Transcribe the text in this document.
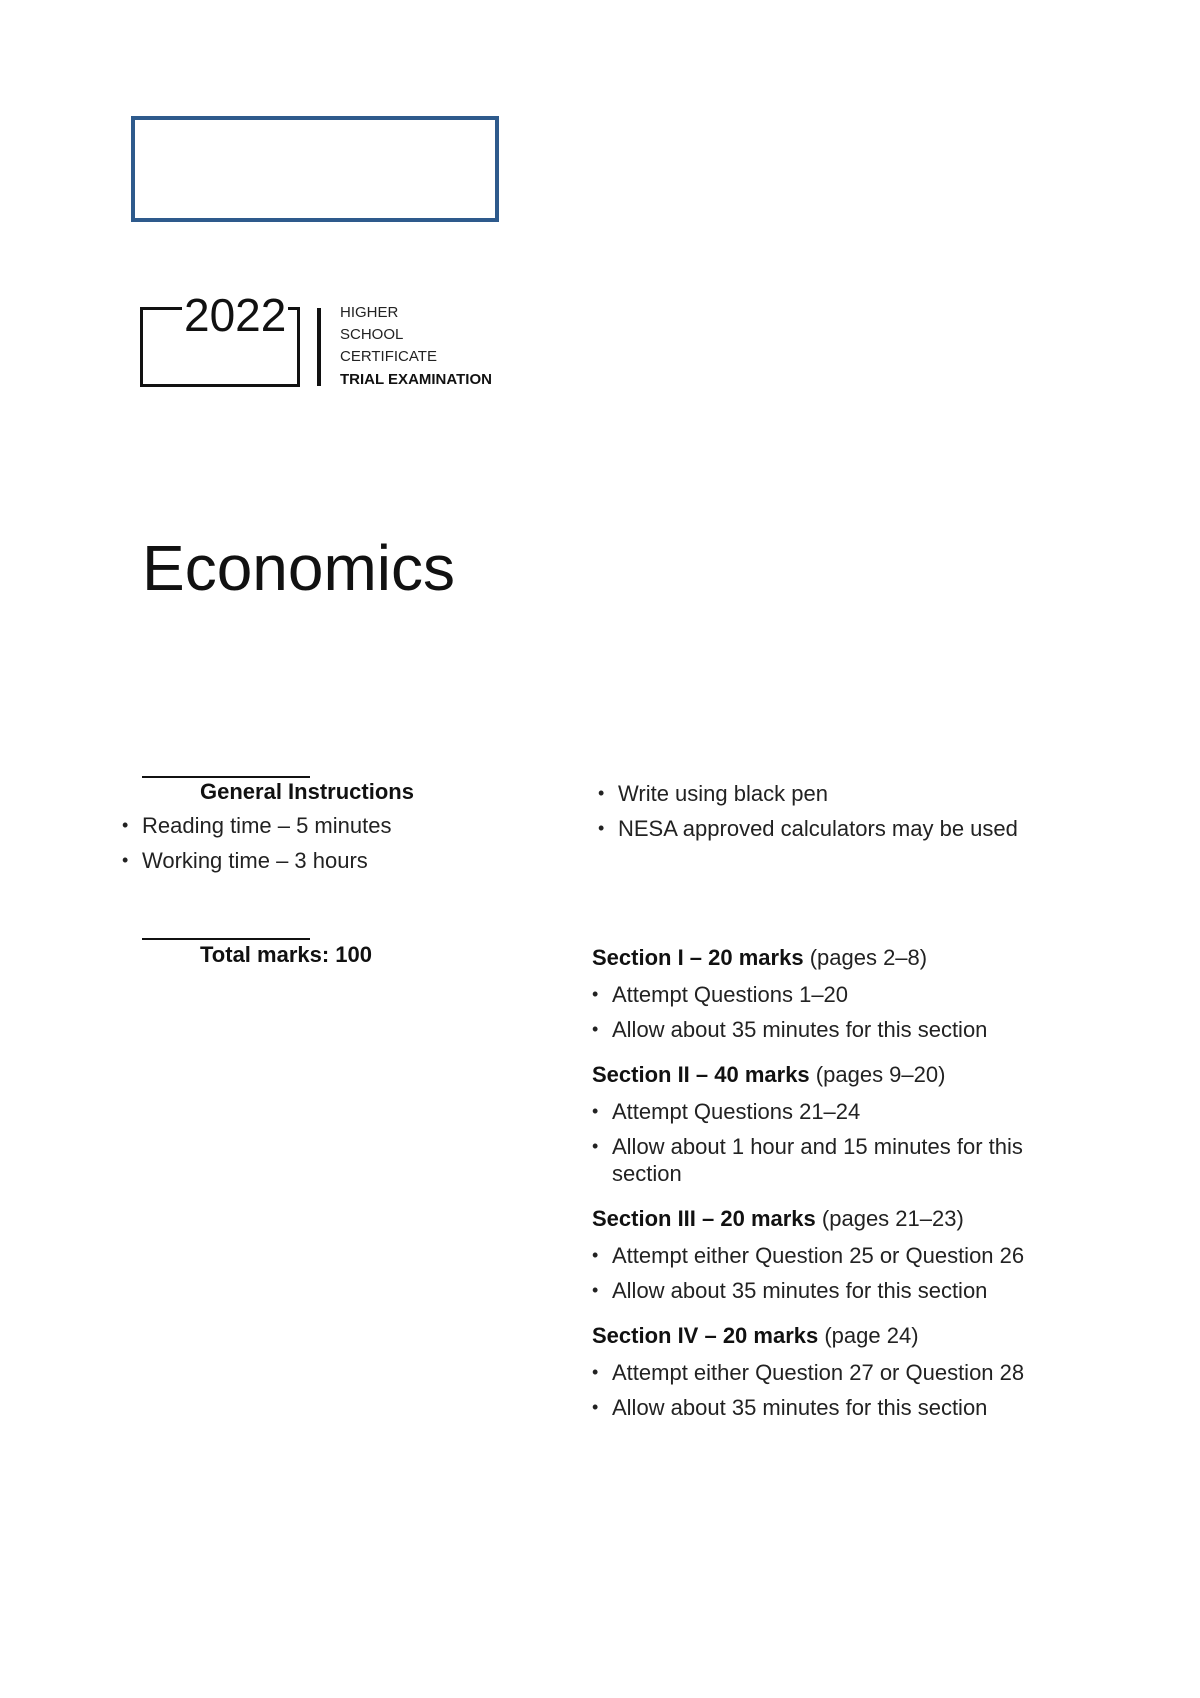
2022	HIGHER
SCHOOL
CERTIFICATE
TRIAL EXAMINATION
Economics
General Instructions
• Reading time – 5 minutes
• Working time – 3 hours
• Write using black pen
• NESA approved calculators may be used
Total marks: 100	Section I – 20 marks (pages 2–8)
• Attempt Questions 1–20
• Allow about 35 minutes for this section
Section II – 40 marks (pages 9–20)
• Attempt Questions 21–24
• Allow about 1 hour and 15 minutes for this section
Section III – 20 marks (pages 21–23)
• Attempt either Question 25 or Question 26
• Allow about 35 minutes for this section
Section IV – 20 marks (page 24)
• Attempt either Question 27 or Question 28
• Allow about 35 minutes for this section
